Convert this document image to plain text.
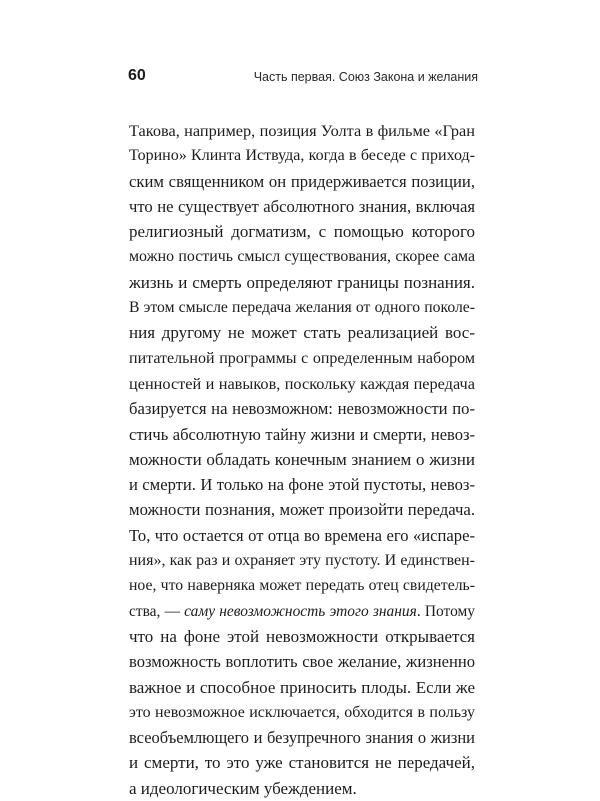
60	Часть первая. Союз Закона и желания
Такова, например, позиция Уолта в фильме «Гран
Торино» Клинта Иствуда, когда в беседе с приход-
ским священником он придерживается позиции,
что не существует абсолютного знания, включая
религиозный догматизм, с помощью которого
можно постичь смысл существования, скорее сама
жизнь и смерть определяют границы познания.
В этом смысле передача желания от одного поколе-
ния другому не может стать реализацией вос-
питательной программы с определенным набором
ценностей и навыков, поскольку каждая передача
базируется на невозможном: невозможности по-
стичь абсолютную тайну жизни и смерти, невоз-
можности обладать конечным знанием о жизни
и смерти. И только на фоне этой пустоты, невоз-
можности познания, может произойти передача.
То, что остается от отца во времена его «испаре-
ния», как раз и охраняет эту пустоту. И единствен-
ное, что наверняка может передать отец свидетель-
ства, — саму невозможность этого знания. Потому
что на фоне этой невозможности открывается
возможность воплотить свое желание, жизненно
важное и способное приносить плоды. Если же
это невозможное исключается, обходится в пользу
всеобъемлющего и безупречного знания о жизни
и смерти, то это уже становится не передачей,
а идеологическим убеждением.
